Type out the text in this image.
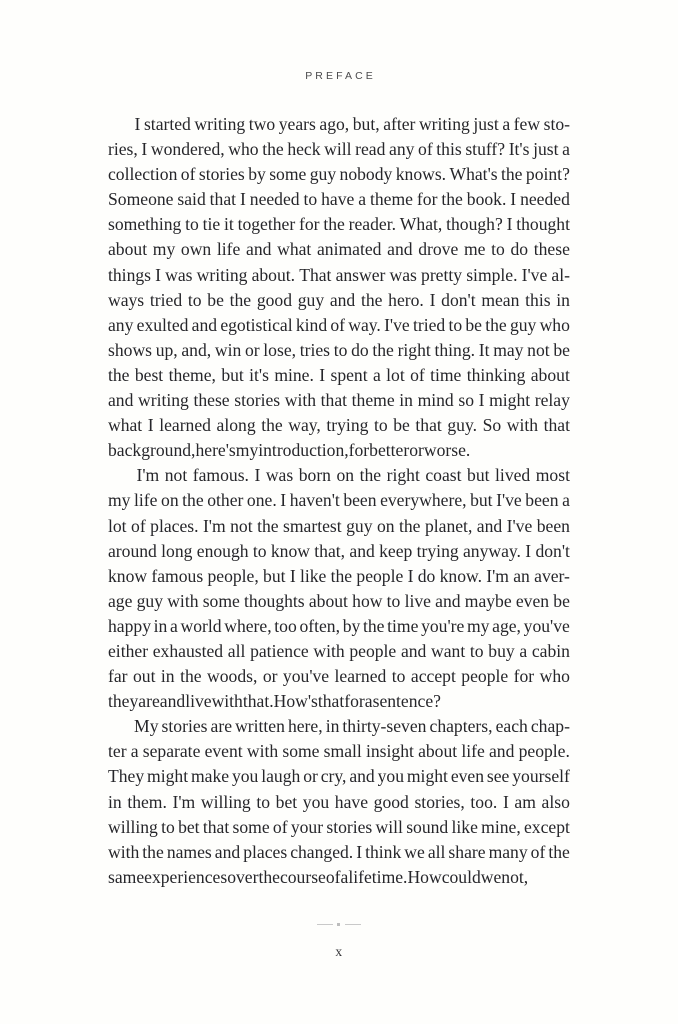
PREFACE
I started writing two years ago, but, after writing just a few sto-
ries, I wondered, who the heck will read any of this stuff? It's just a
collection of stories by some guy nobody knows. What's the point?
Someone said that I needed to have a theme for the book. I needed
something to tie it together for the reader. What, though? I thought
about my own life and what animated and drove me to do these
things I was writing about. That answer was pretty simple. I've al-
ways tried to be the good guy and the hero. I don't mean this in
any exulted and egotistical kind of way. I've tried to be the guy who
shows up, and, win or lose, tries to do the right thing. It may not be
the best theme, but it's mine. I spent a lot of time thinking about
and writing these stories with that theme in mind so I might relay
what I learned along the way, trying to be that guy. So with that
background, here's my introduction, for better or worse.
I'm not famous. I was born on the right coast but lived most
my life on the other one. I haven't been everywhere, but I've been a
lot of places. I'm not the smartest guy on the planet, and I've been
around long enough to know that, and keep trying anyway. I don't
know famous people, but I like the people I do know. I'm an aver-
age guy with some thoughts about how to live and maybe even be
happy in a world where, too often, by the time you're my age, you've
either exhausted all patience with people and want to buy a cabin
far out in the woods, or you've learned to accept people for who
they are and live with that. How's that for a sentence?
My stories are written here, in thirty-seven chapters, each chap-
ter a separate event with some small insight about life and people.
They might make you laugh or cry, and you might even see yourself
in them. I'm willing to bet you have good stories, too. I am also
willing to bet that some of your stories will sound like mine, except
with the names and places changed. I think we all share many of the
same experiences over the course of a lifetime. How could we not,
x
